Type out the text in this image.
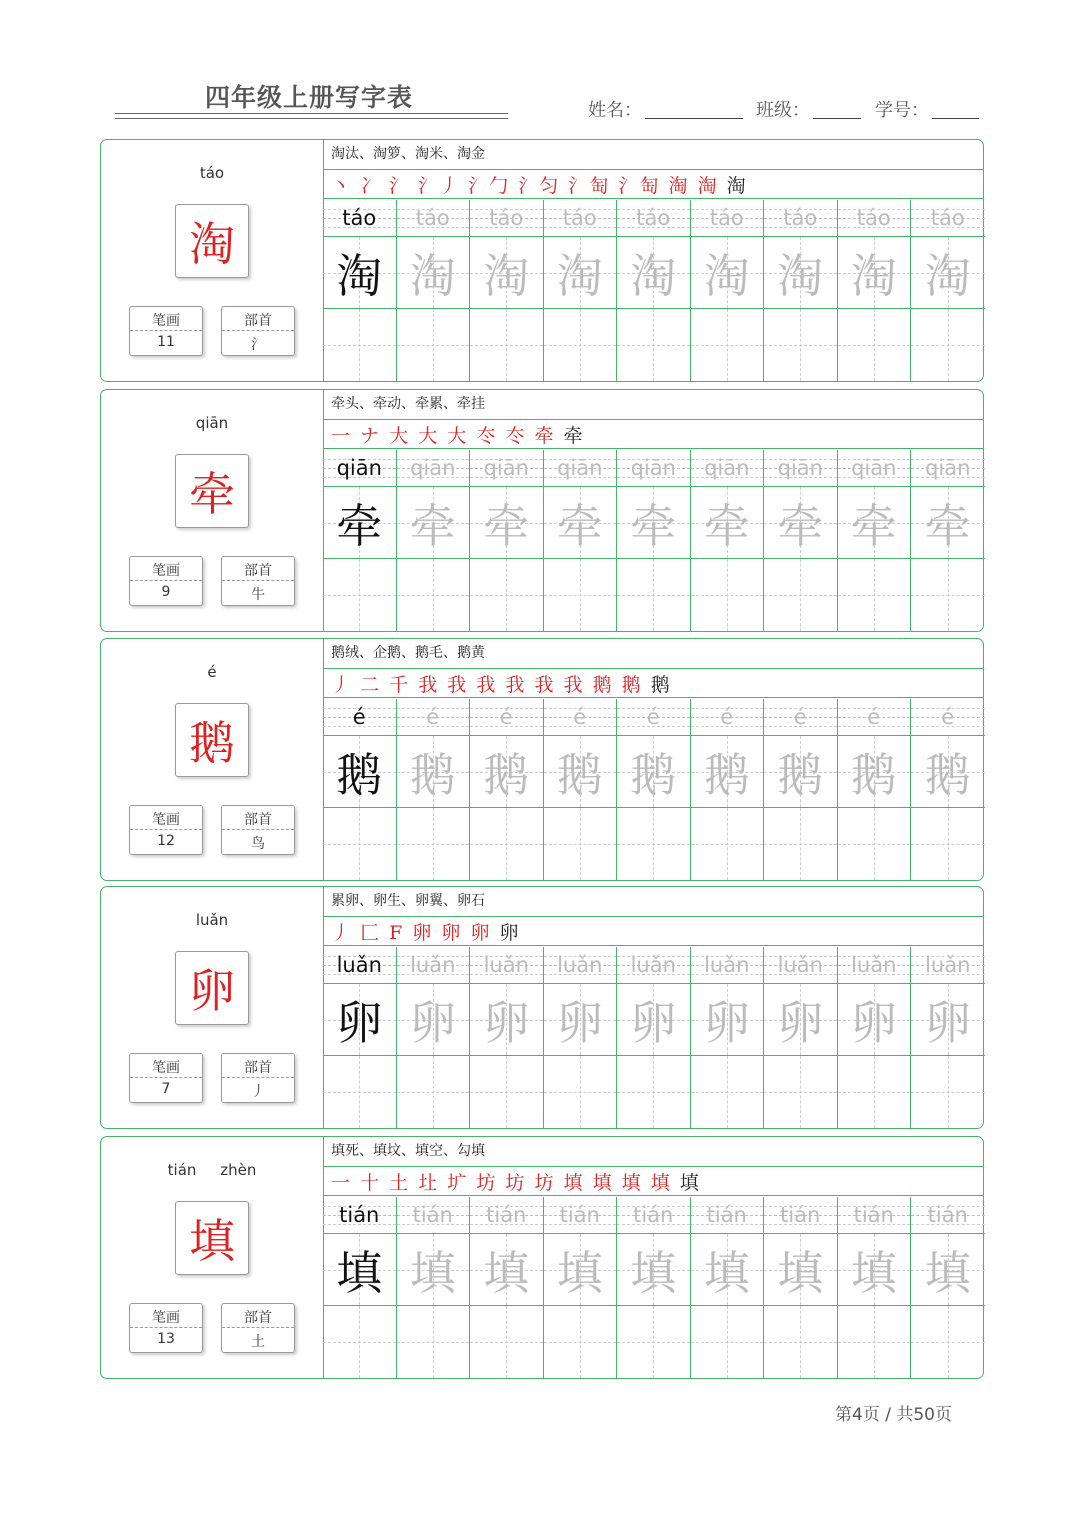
四年级上册写字表	姓名：	班级：	学号：
táo
淘
笔画
11
部首
氵
淘汰、淘箩、淘米、淘金
丶 冫 氵 氵丿 氵勹 氵匀 氵匋 氵匋 淘 淘 淘
táo
淘
táo
淘
táo
淘
táo
淘
táo
淘
táo
淘
táo
淘
táo
淘
táo
淘
qiān
牵
笔画
9
部首
牛
牵头、牵动、牵累、牵挂
一 ナ 大 大 大 冭 冭 牵 牵
qiān
牵
qiān
牵
qiān
牵
qiān
牵
qiān
牵
qiān
牵
qiān
牵
qiān
牵
qiān
牵
é
鹅
笔画
12
部首
鸟
鹅绒、企鹅、鹅毛、鹅黄
丿 二 千 我 我 我 我 我 我 鹅 鹅 鹅
é
鹅
é
鹅
é
鹅
é
鹅
é
鹅
é
鹅
é
鹅
é
鹅
é
鹅
luǎn
卵
笔画
7
部首
丿
累卵、卵生、卵翼、卵石
丿 匚 F 卵 卵 卵 卵
luǎn
卵
luǎn
卵
luǎn
卵
luǎn
卵
luǎn
卵
luǎn
卵
luǎn
卵
luǎn
卵
luǎn
卵
tián zhèn
填
笔画
13
部首
土
填死、填坟、填空、勾填
一 十 土 圵 圹 坊 坊 坊 填 填 填 填 填
tián
填
tián
填
tián
填
tián
填
tián
填
tián
填
tián
填
tián
填
tián
填
第4页 / 共50页
